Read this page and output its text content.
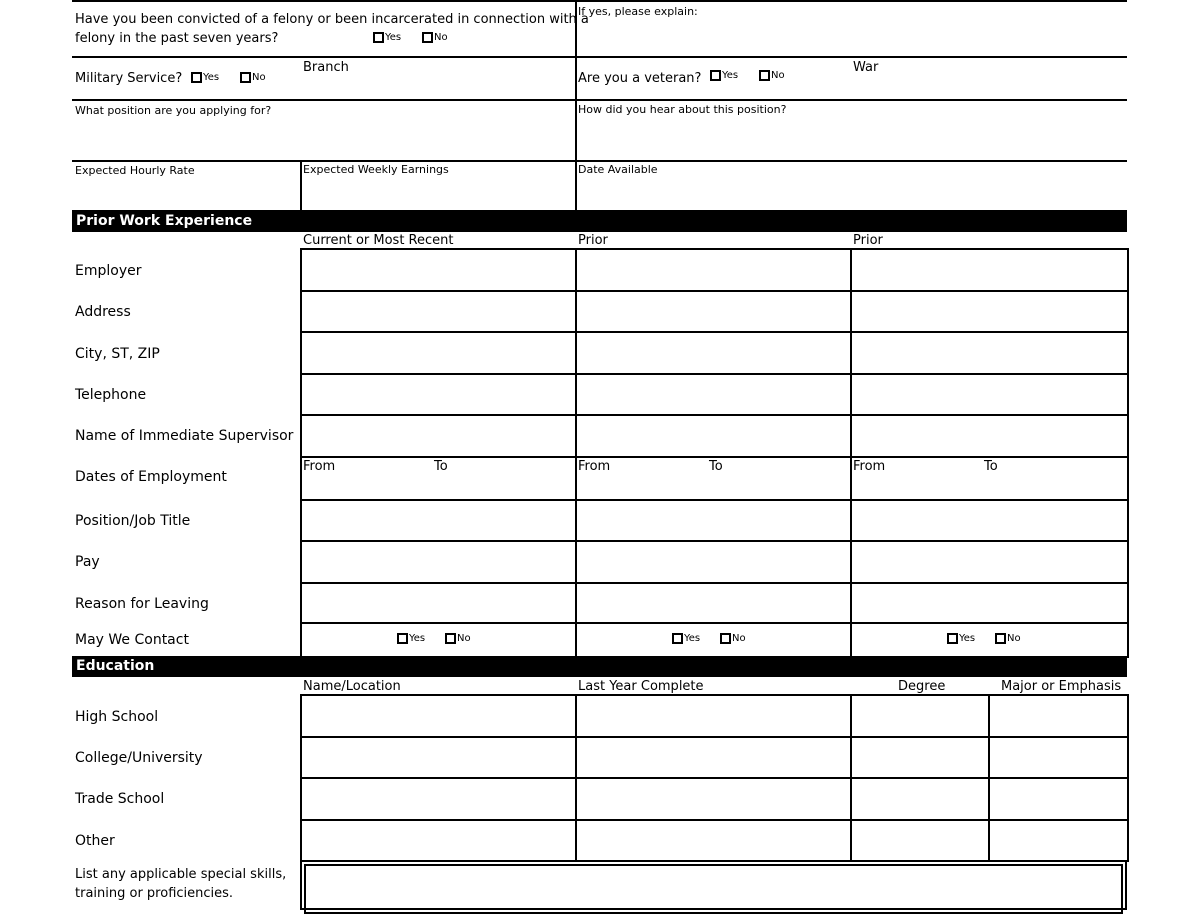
Have you been convicted of a felony or been incarcerated in connection with a
felony in the past seven years?	Yes	No
If yes, please explain:
Military Service? Yes	No
Branch
Are you a veteran? Yes	No
War
What position are you applying for?	How did you hear about this position?
Expected Hourly Rate	Expected Weekly Earnings	Date Available
Prior Work Experience
Current or Most Recent	Prior	Prior
Employer
Address
City, ST, ZIP
Telephone
Name of Immediate Supervisor
Dates of Employment
From	To	From	To	From	To
Position/Job Title
Pay
Reason for Leaving
May We Contact	Yes	No	Yes	No	Yes	No
Education
Name/Location	Last Year Complete	Degree	Major or Emphasis
High School
College/University
Trade School
Other
List any applicable special skills,
training or proficiencies.
